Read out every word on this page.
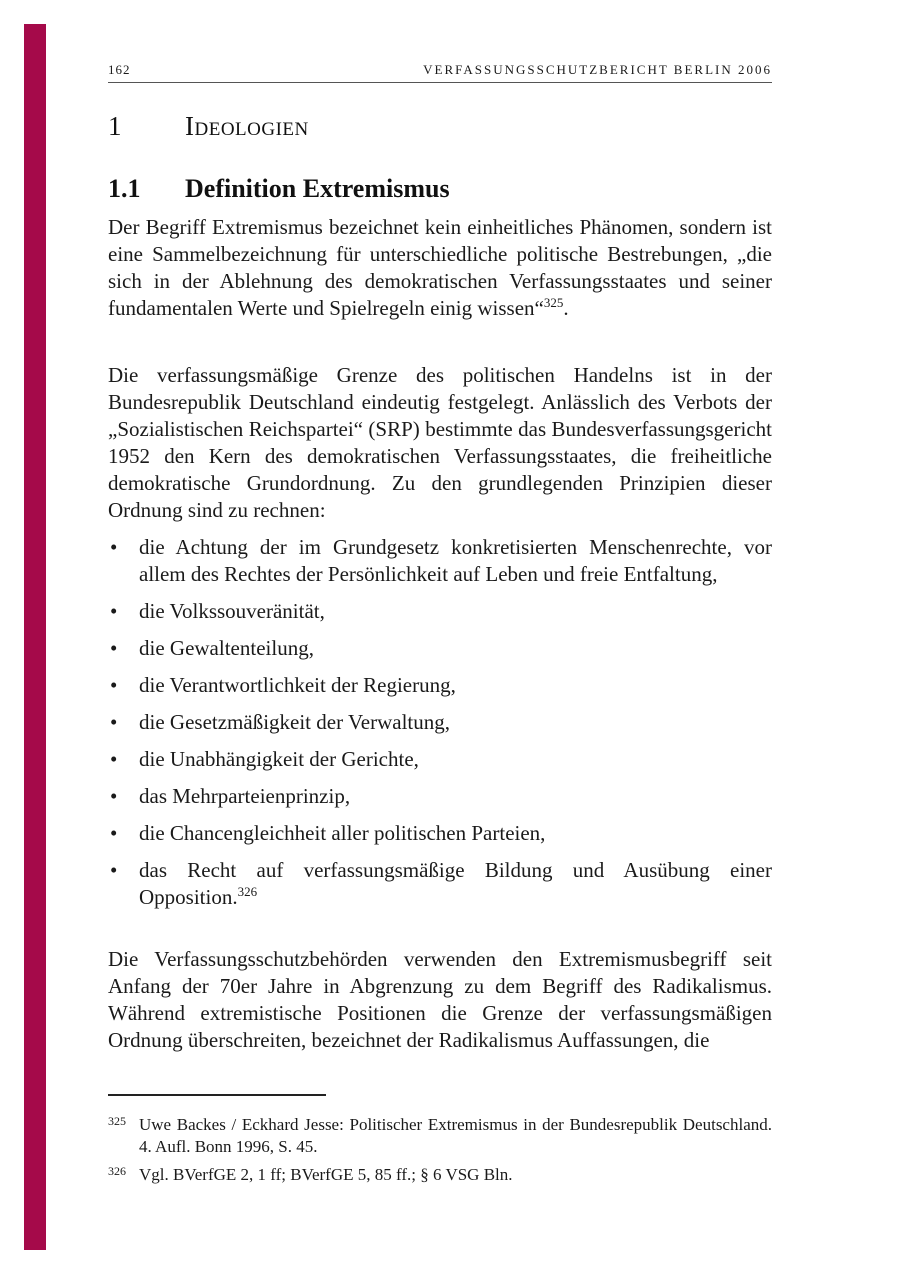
162	VERFASSUNGSSCHUTZBERICHT BERLIN 2006
1 Ideologien
1.1 Definition Extremismus

Der Begriff Extremismus bezeichnet kein einheitliches Phänomen, sondern ist eine Sammelbezeichnung für unterschiedliche politische Bestrebungen, „die sich in der Ablehnung des demokratischen Verfassungsstaates und seiner fundamentalen Werte und Spielregeln einig wissen“$^{325}$.

Die verfassungsmäßige Grenze des politischen Handelns ist in der Bundesrepublik Deutschland eindeutig festgelegt. Anlässlich des Verbots der „Sozialistischen Reichspartei“ (SRP) bestimmte das Bundesverfassungsgericht 1952 den Kern des demokratischen Verfassungsstaates, die freiheitliche demokratische Grundordnung. Zu den grundlegenden Prinzipien dieser Ordnung sind zu rechnen:

• die Achtung der im Grundgesetz konkretisierten Menschenrechte, vor allem des Rechtes der Persönlichkeit auf Leben und freie Entfaltung,
• die Volkssouveränität,
• die Gewaltenteilung,
• die Verantwortlichkeit der Regierung,
• die Gesetzmäßigkeit der Verwaltung,
• die Unabhängigkeit der Gerichte,
• das Mehrparteienprinzip,
• die Chancengleichheit aller politischen Parteien,
• das Recht auf verfassungsmäßige Bildung und Ausübung einer Opposition.$^{326}$

Die Verfassungsschutzbehörden verwenden den Extremismusbegriff seit Anfang der 70er Jahre in Abgrenzung zu dem Begriff des Radikalismus. Während extremistische Positionen die Grenze der verfassungsmäßigen Ordnung überschreiten, bezeichnet der Radikalismus Auffassungen, die

325 Uwe Backes / Eckhard Jesse: Politischer Extremismus in der Bundesrepublik Deutschland. 4. Aufl. Bonn 1996, S. 45.
326 Vgl. BVerfGE 2, 1 ff; BVerfGE 5, 85 ff.; § 6 VSG Bln.
